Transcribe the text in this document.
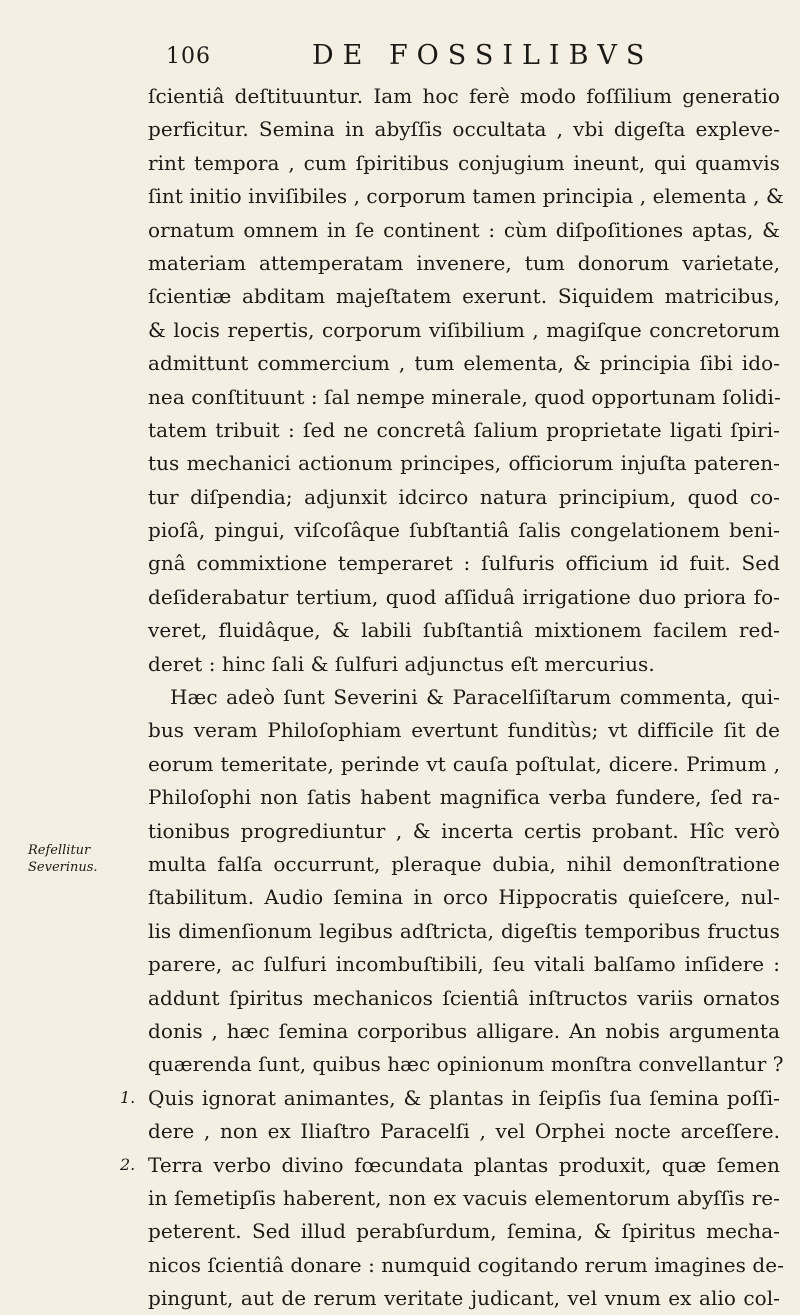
106	DE FOSSILIBVS
ſcientiâ deſtituuntur. Iam hoc ferè modo foſſilium generatio
perficitur. Semina in abyſſis occultata , vbi digeſta expleve-
rint tempora , cum ſpiritibus conjugium ineunt, qui quamvis
ſint initio inviſibiles , corporum tamen principia , elementa , &
ornatum omnem in ſe continent : cùm diſpoſitiones aptas, &
materiam attemperatam invenere, tum donorum varietate,
ſcientiæ abditam majeſtatem exerunt. Siquidem matricibus,
& locis repertis, corporum viſibilium , magiſque concretorum
admittunt commercium , tum elementa, & principia ſibi ido-
nea conſtituunt : ſal nempe minerale, quod opportunam ſolidi-
tatem tribuit : ſed ne concretâ ſalium proprietate ligati ſpiri-
tus mechanici actionum principes, officiorum injuſta pateren-
tur diſpendia; adjunxit idcirco natura principium, quod co-
pioſâ, pingui, viſcoſâque ſubſtantiâ ſalis congelationem beni-
gnâ commixtione temperaret : ſulfuris officium id fuit. Sed
deſiderabatur tertium, quod aſſiduâ irrigatione duo priora fo-
veret, fluidâque, & labili ſubſtantiâ mixtionem facilem red-
deret : hinc ſali & ſulfuri adjunctus eſt mercurius.
Hæc adeò ſunt Severini & Paracelſiſtarum commenta, qui-
bus veram Philoſophiam evertunt funditùs; vt difficile ſit de
eorum temeritate, perinde vt cauſa poſtulat, dicere. Primum ,
Philoſophi non ſatis habent magnifica verba fundere, ſed ra-
tionibus progrediuntur , & incerta certis probant. Hîc verò
multa falſa occurrunt, pleraque dubia, nihil demonſtratione
ſtabilitum. Audio ſemina in orco Hippocratis quieſcere, nul-
lis dimenſionum legibus adſtricta, digeſtis temporibus fructus
parere, ac ſulfuri incombuſtibili, ſeu vitali balſamo inſidere :
addunt ſpiritus mechanicos ſcientiâ inſtructos variis ornatos
donis , hæc ſemina corporibus alligare. An nobis argumenta
quærenda ſunt, quibus hæc opinionum monſtra convellantur ?
Quis ignorat animantes, & plantas in ſeipſis ſua ſemina poſſi-
dere , non ex Iliaſtro Paracelſi , vel Orphei nocte arceſſere.
Terra verbo divino fœcundata plantas produxit, quæ ſemen
in ſemetipſis haberent, non ex vacuis elementorum abyſſis re-
peterent. Sed illud perabſurdum, ſemina, & ſpiritus mecha-
nicos ſcientiâ donare : numquid cogitando rerum imagines de-
pingunt, aut de rerum veritate judicant, vel vnum ex alio col-
Refellitur
Severinus.
1.
2.
